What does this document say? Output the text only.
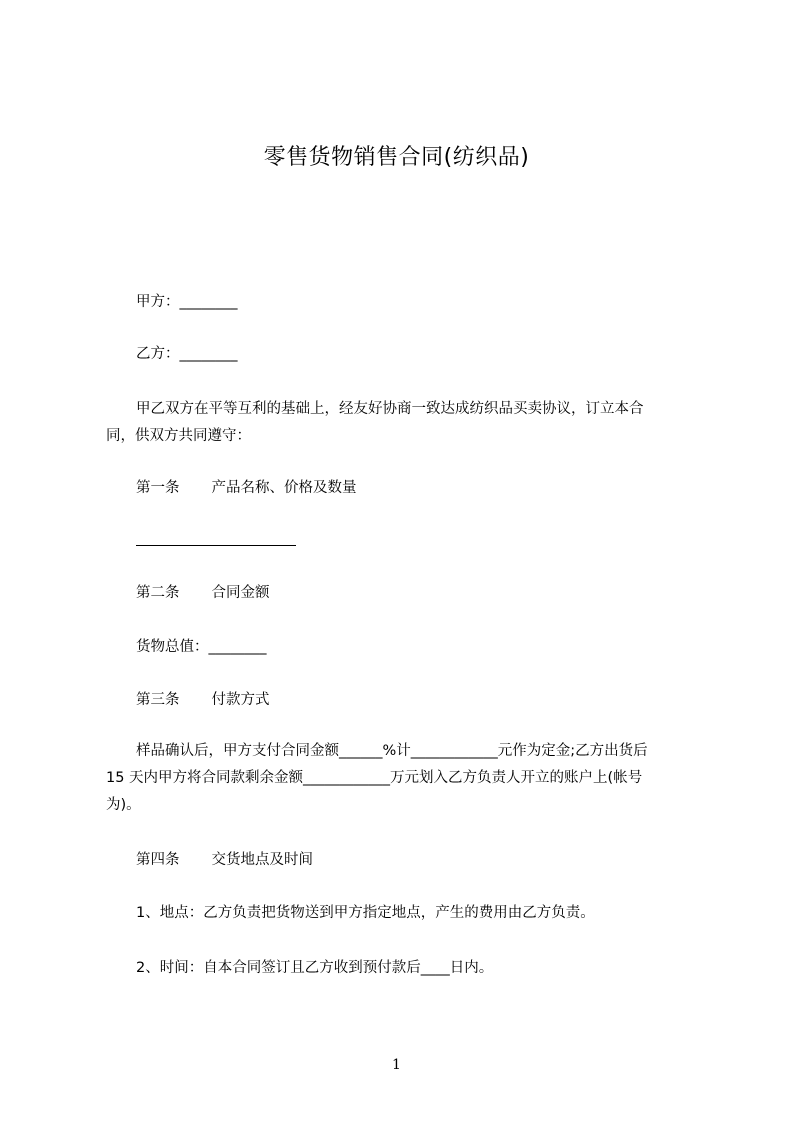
零售货物销售合同(纺织品)
甲方：________
乙方：________
甲乙双方在平等互利的基础上，经友好协商一致达成纺织品买卖协议，订立本合
同，供双方共同遵守：
第一条 产品名称、价格及数量
第二条 合同金额
货物总值：________
第三条 付款方式
样品确认后，甲方支付合同金额______%计____________元作为定金;乙方出货后
15 天内甲方将合同款剩余金额____________万元划入乙方负责人开立的账户上(帐号
为)。
第四条 交货地点及时间
1、地点：乙方负责把货物送到甲方指定地点，产生的费用由乙方负责。
2、时间：自本合同签订且乙方收到预付款后____日内。
1
